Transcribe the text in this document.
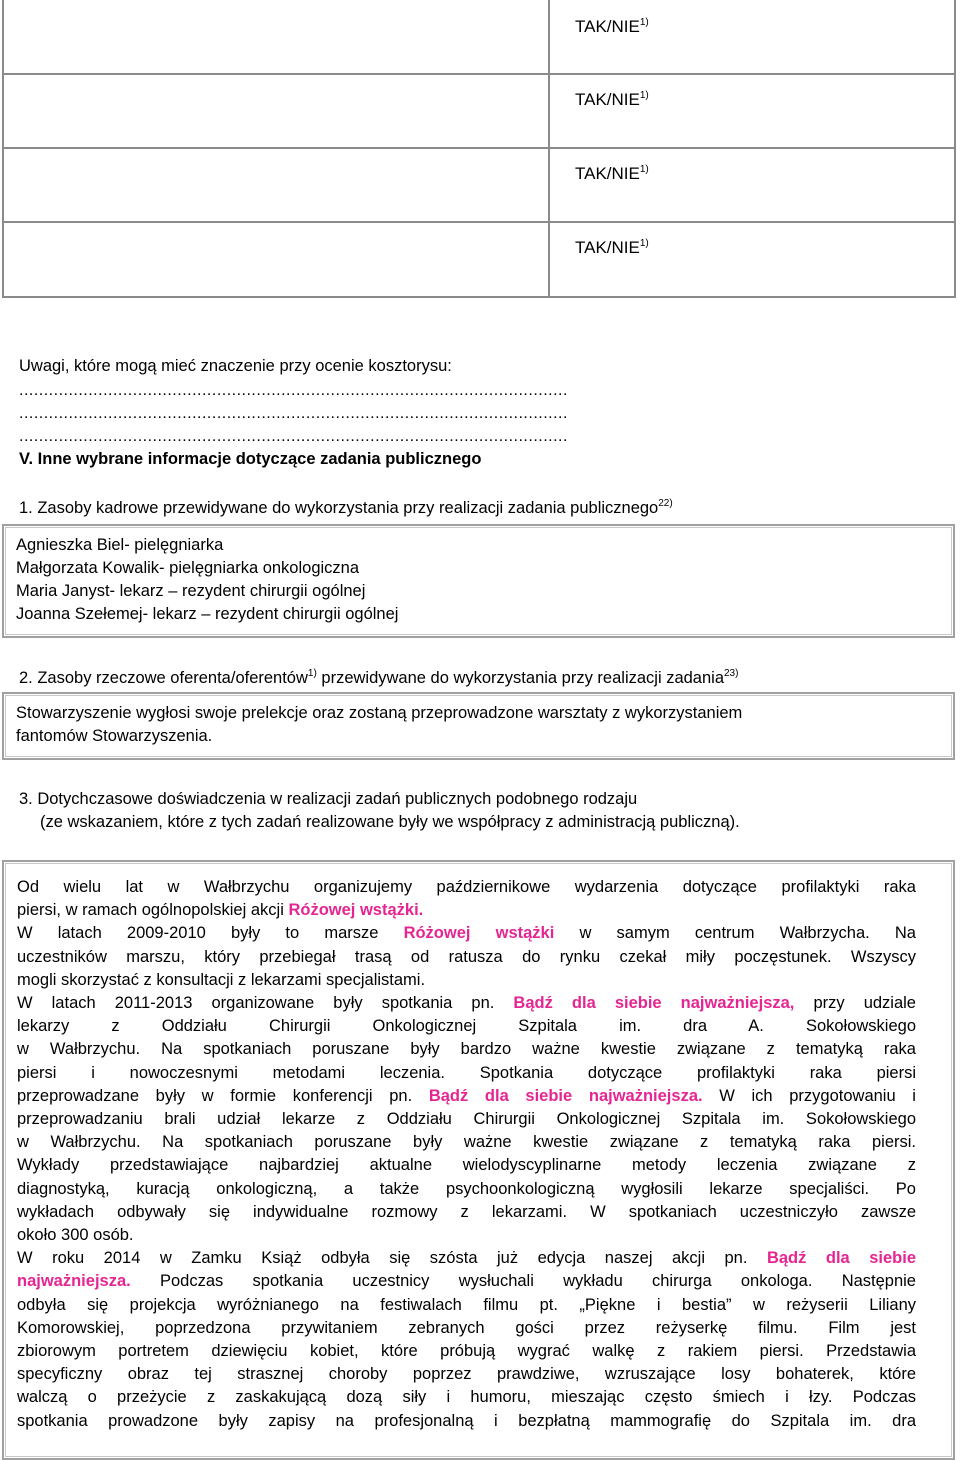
TAK/NIE$^{1)}$
TAK/NIE$^{1)}$
TAK/NIE$^{1)}$
TAK/NIE$^{1)}$
Uwagi, które mogą mieć znaczenie przy ocenie kosztorysu:
...............................................................................................................
...............................................................................................................
...............................................................................................................
V. Inne wybrane informacje dotyczące zadania publicznego
1. Zasoby kadrowe przewidywane do wykorzystania przy realizacji zadania publicznego$^{22)}$
Agnieszka Biel- pielęgniarka
Małgorzata Kowalik- pielęgniarka onkologiczna
Maria Janyst- lekarz – rezydent chirurgii ogólnej
Joanna Szełemej- lekarz – rezydent chirurgii ogólnej
2. Zasoby rzeczowe oferenta/oferentów$^{1)}$ przewidywane do wykorzystania przy realizacji zadania$^{23)}$
Stowarzyszenie wygłosi swoje prelekcje oraz zostaną przeprowadzone warsztaty z wykorzystaniem
fantomów Stowarzyszenia.
3. Dotychczasowe doświadczenia w realizacji zadań publicznych podobnego rodzaju
(ze wskazaniem, które z tych zadań realizowane były we współpracy z administracją publiczną).
Od wielu lat w Wałbrzychu organizujemy październikowe wydarzenia dotyczące profilaktyki raka
piersi, w ramach ogólnopolskiej akcji Różowej wstążki.
W latach 2009-2010 były to marsze Różowej wstążki w samym centrum Wałbrzycha. Na
uczestników marszu, który przebiegał trasą od ratusza do rynku czekał miły poczęstunek. Wszyscy
mogli skorzystać z konsultacji z lekarzami specjalistami.
W latach 2011-2013 organizowane były spotkania pn. Bądź dla siebie najważniejsza, przy udziale
lekarzy z Oddziału Chirurgii Onkologicznej Szpitala im. dra A. Sokołowskiego
w Wałbrzychu. Na spotkaniach poruszane były bardzo ważne kwestie związane z tematyką raka
piersi i nowoczesnymi metodami leczenia. Spotkania dotyczące profilaktyki raka piersi
przeprowadzane były w formie konferencji pn. Bądź dla siebie najważniejsza. W ich przygotowaniu i
przeprowadzaniu brali udział lekarze z Oddziału Chirurgii Onkologicznej Szpitala im. Sokołowskiego
w Wałbrzychu. Na spotkaniach poruszane były ważne kwestie związane z tematyką raka piersi.
Wykłady przedstawiające najbardziej aktualne wielodyscyplinarne metody leczenia związane z
diagnostyką, kuracją onkologiczną, a także psychoonkologiczną wygłosili lekarze specjaliści. Po
wykładach odbywały się indywidualne rozmowy z lekarzami. W spotkaniach uczestniczyło zawsze
około 300 osób.
W roku 2014 w Zamku Książ odbyła się szósta już edycja naszej akcji pn. Bądź dla siebie
najważniejsza. Podczas spotkania uczestnicy wysłuchali wykładu chirurga onkologa. Następnie
odbyła się projekcja wyróżnianego na festiwalach filmu pt. „Piękne i bestia” w reżyserii Liliany
Komorowskiej, poprzedzona przywitaniem zebranych gości przez reżyserkę filmu. Film jest
zbiorowym portretem dziewięciu kobiet, które próbują wygrać walkę z rakiem piersi. Przedstawia
specyficzny obraz tej strasznej choroby poprzez prawdziwe, wzruszające losy bohaterek, które
walczą o przeżycie z zaskakującą dozą siły i humoru, mieszając często śmiech i łzy. Podczas
spotkania prowadzone były zapisy na profesjonalną i bezpłatną mammografię do Szpitala im. dra
